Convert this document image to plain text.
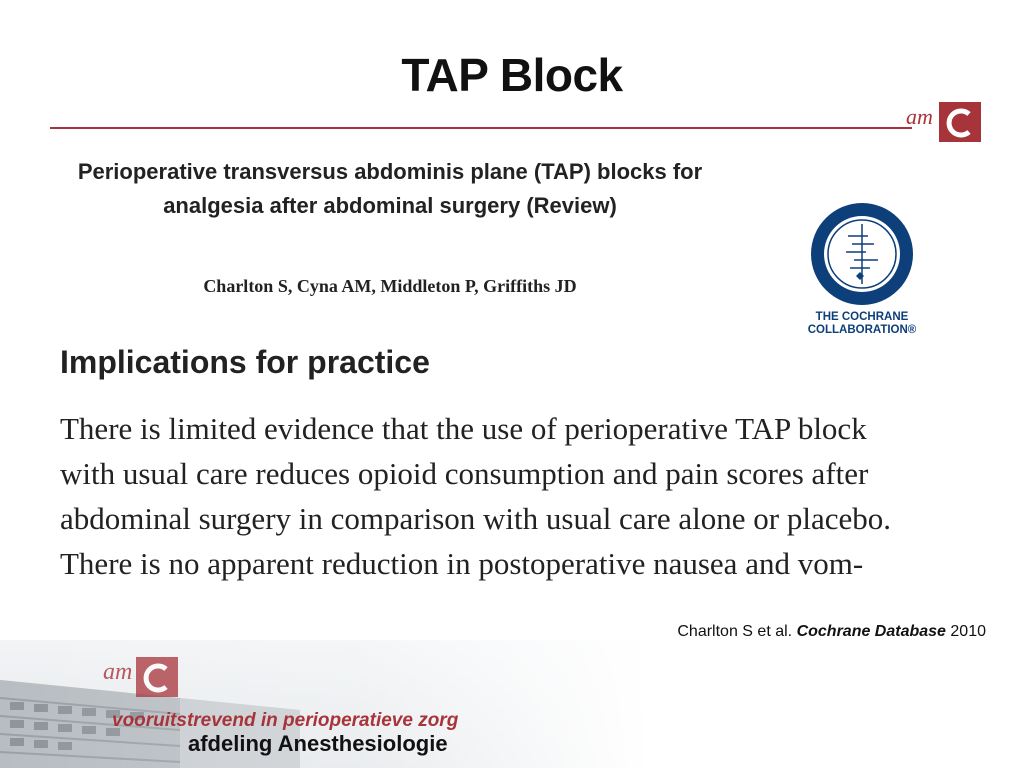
TAP Block
am
Perioperative transversus abdominis plane (TAP) blocks for
analgesia after abdominal surgery (Review)
Charlton S, Cyna AM, Middleton P, Griffiths JD
THE COCHRANE
COLLABORATION®
Implications for practice
There is limited evidence that the use of perioperative TAP block
with usual care reduces opioid consumption and pain scores after
abdominal surgery in comparison with usual care alone or placebo.
There is no apparent reduction in postoperative nausea and vom-
Charlton S et al. Cochrane Database 2010
am
vooruitstrevend in perioperatieve zorg
afdeling Anesthesiologie
